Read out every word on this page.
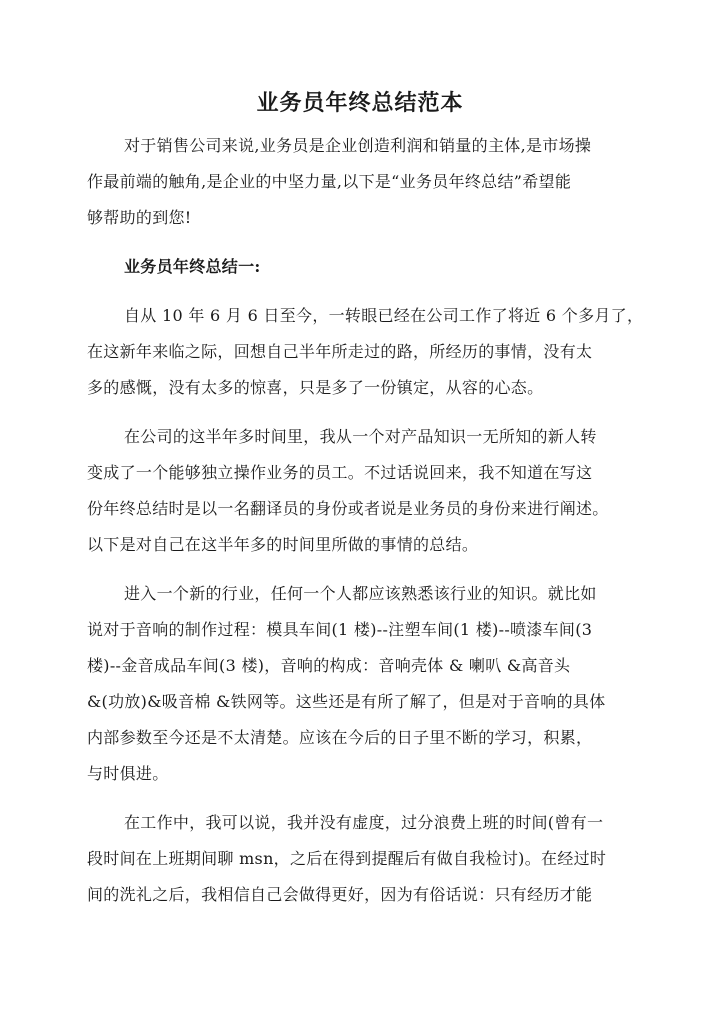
业务员年终总结范本
对于销售公司来说,业务员是企业创造利润和销量的主体,是市场操
作最前端的触角,是企业的中坚力量,以下是“业务员年终总结”希望能
够帮助的到您!
业务员年终总结一:
自从 10 年 6 月 6 日至今，一转眼已经在公司工作了将近 6 个多月了，
在这新年来临之际，回想自己半年所走过的路，所经历的事情，没有太
多的感慨，没有太多的惊喜，只是多了一份镇定，从容的心态。
在公司的这半年多时间里，我从一个对产品知识一无所知的新人转
变成了一个能够独立操作业务的员工。不过话说回来，我不知道在写这
份年终总结时是以一名翻译员的身份或者说是业务员的身份来进行阐述。
以下是对自己在这半年多的时间里所做的事情的总结。
进入一个新的行业，任何一个人都应该熟悉该行业的知识。就比如
说对于音响的制作过程：模具车间(1 楼)--注塑车间(1 楼)--喷漆车间(3
楼)--金音成品车间(3 楼)，音响的构成：音响壳体 & 喇叭 &高音头
&(功放)&吸音棉 &铁网等。这些还是有所了解了，但是对于音响的具体
内部参数至今还是不太清楚。应该在今后的日子里不断的学习，积累，
与时俱进。
在工作中，我可以说，我并没有虚度，过分浪费上班的时间(曾有一
段时间在上班期间聊 msn，之后在得到提醒后有做自我检讨)。在经过时
间的洗礼之后，我相信自己会做得更好，因为有俗话说：只有经历才能
